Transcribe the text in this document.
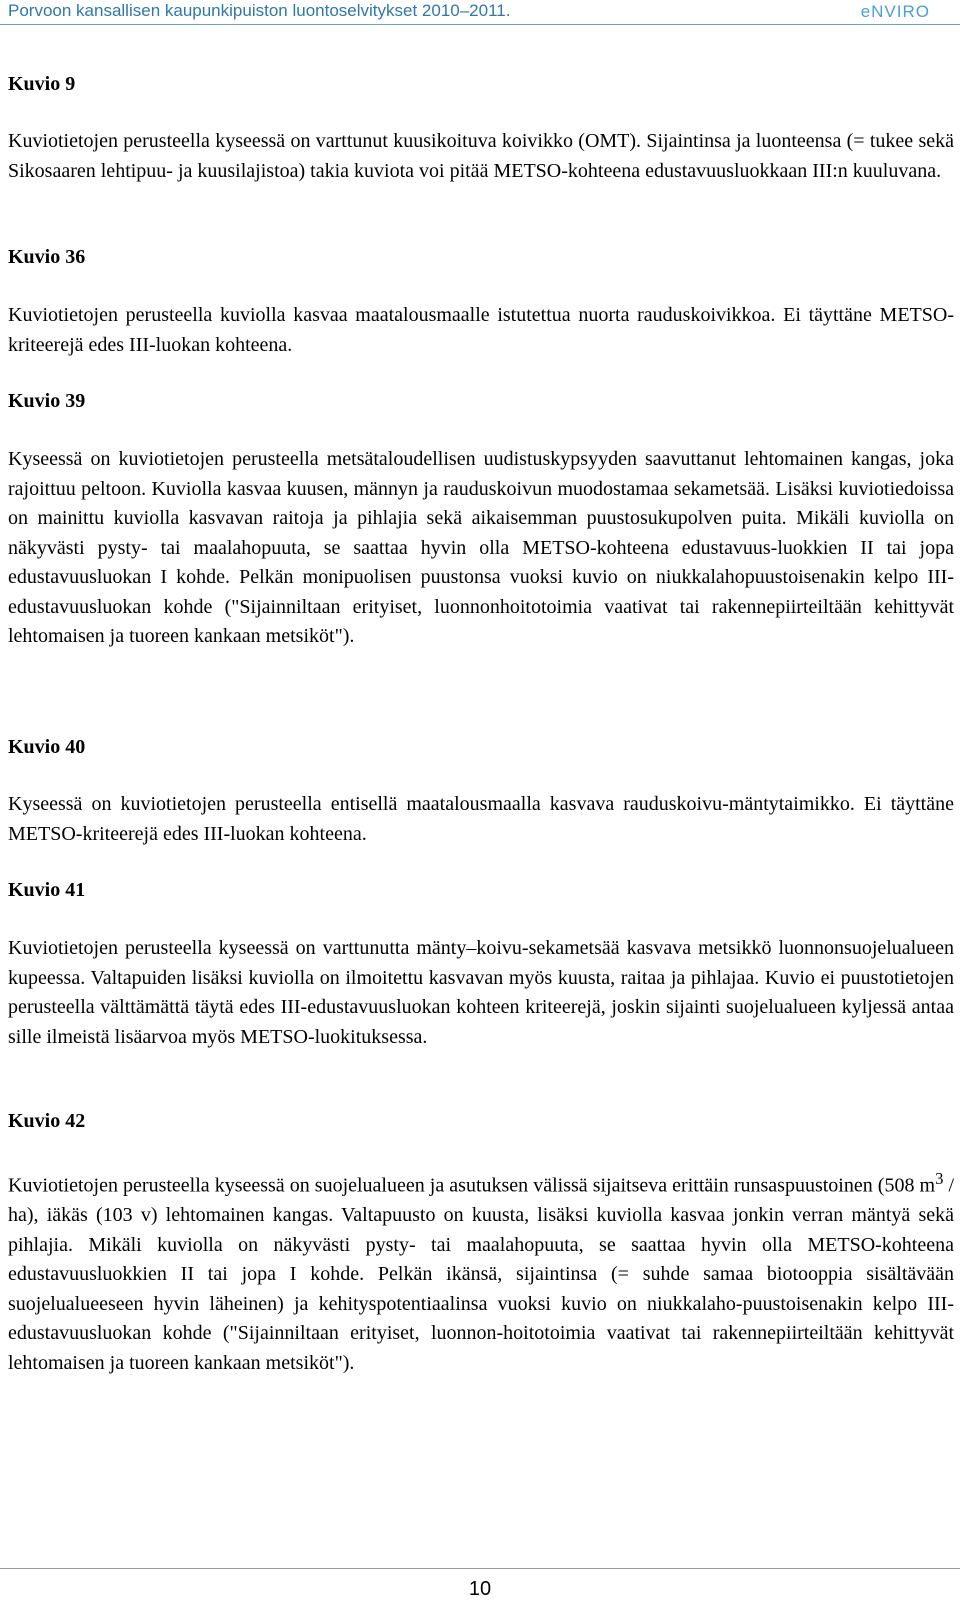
Porvoon kansallisen kaupunkipuiston luontoselvitykset 2010–2011.	eNVIRO
Kuvio 9

Kuviotietojen perusteella kyseessä on varttunut kuusikoituva koivikko (OMT). Sijaintinsa ja luonteensa (= tukee sekä Sikosaaren lehtipuu- ja kuusilajistoa) takia kuviota voi pitää METSO-kohteena edustavuusluokkaan III:n kuuluvana.

Kuvio 36

Kuviotietojen perusteella kuviolla kasvaa maatalousmaalle istutettua nuorta rauduskoivikkoa. Ei täyttäne METSO-kriteerejä edes III-luokan kohteena.

Kuvio 39

Kyseessä on kuviotietojen perusteella metsätaloudellisen uudistuskypsyyden saavuttanut lehtomainen kangas, joka rajoittuu peltoon. Kuviolla kasvaa kuusen, männyn ja rauduskoivun muodostamaa sekametsää. Lisäksi kuviotiedoissa on mainittu kuviolla kasvavan raitoja ja pihlajia sekä aikaisemman puustosukupolven puita. Mikäli kuviolla on näkyvästi pysty- tai maalahopuuta, se saattaa hyvin olla METSO-kohteena edustavuus-luokkien II tai jopa edustavuusluokan I kohde. Pelkän monipuolisen puustonsa vuoksi kuvio on niukkalahopuustoisenakin kelpo III-edustavuusluokan kohde ("Sijainniltaan erityiset, luonnonhoitotoimia vaativat tai rakennepiirteiltään kehittyvät lehtomaisen ja tuoreen kankaan metsiköt").

Kuvio 40

Kyseessä on kuviotietojen perusteella entisellä maatalousmaalla kasvava rauduskoivu-mäntytaimikko. Ei täyttäne METSO-kriteerejä edes III-luokan kohteena.

Kuvio 41

Kuviotietojen perusteella kyseessä on varttunutta mänty–koivu-sekametsää kasvava metsikkö luonnonsuojelualueen kupeessa. Valtapuiden lisäksi kuviolla on ilmoitettu kasvavan myös kuusta, raitaa ja pihlajaa. Kuvio ei puustotietojen perusteella välttämättä täytä edes III-edustavuusluokan kohteen kriteerejä, joskin sijainti suojelualueen kyljessä antaa sille ilmeistä lisäarvoa myös METSO-luokituksessa.

Kuvio 42

Kuviotietojen perusteella kyseessä on suojelualueen ja asutuksen välissä sijaitseva erittäin runsaspuustoinen (508 $m^3 / ha$), iäkäs (103 v) lehtomainen kangas. Valtapuusto on kuusta, lisäksi kuviolla kasvaa jonkin verran mäntyä sekä pihlajia. Mikäli kuviolla on näkyvästi pysty- tai maalahopuuta, se saattaa hyvin olla METSO-kohteena edustavuusluokkien II tai jopa I kohde. Pelkän ikänsä, sijaintinsa (= suhde samaa biotooppia sisältävään suojelualueeseen hyvin läheinen) ja kehityspotentiaalinsa vuoksi kuvio on niukkalaho-puustoisenakin kelpo III-edustavuusluokan kohde ("Sijainniltaan erityiset, luonnon-hoitotoimia vaativat tai rakennepiirteiltään kehittyvät lehtomaisen ja tuoreen kankaan metsiköt").

10
